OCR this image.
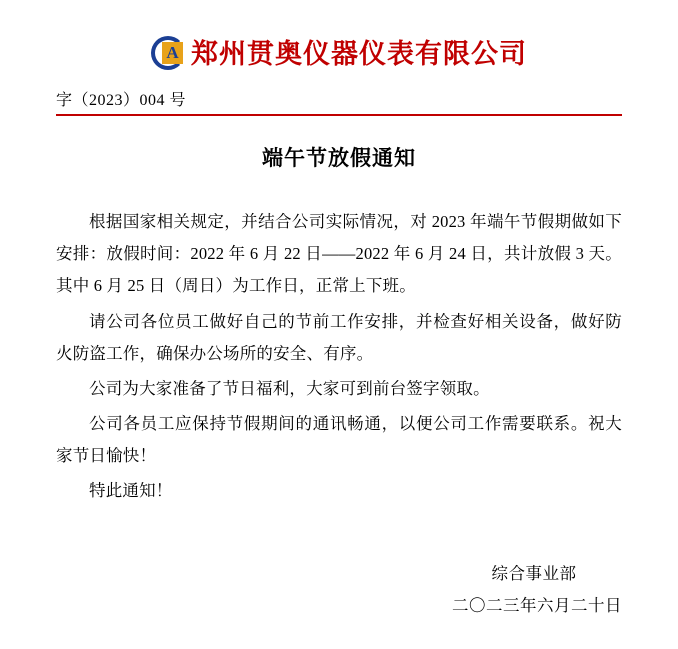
A 郑州贯奥仪器仪表有限公司
字（2023）004 号
端午节放假通知

根据国家相关规定，并结合公司实际情况，对 2023 年端午节假期做如下安排：放假时间：2022 年 6 月 22 日——2022 年 6 月 24 日，共计放假 3 天。其中 6 月 25 日（周日）为工作日，正常上下班。

请公司各位员工做好自己的节前工作安排，并检查好相关设备，做好防火防盗工作，确保办公场所的安全、有序。

公司为大家准备了节日福利，大家可到前台签字领取。

公司各员工应保持节假期间的通讯畅通，以便公司工作需要联系。祝大家节日愉快！

特此通知！

综合事业部
二〇二三年六月二十日
